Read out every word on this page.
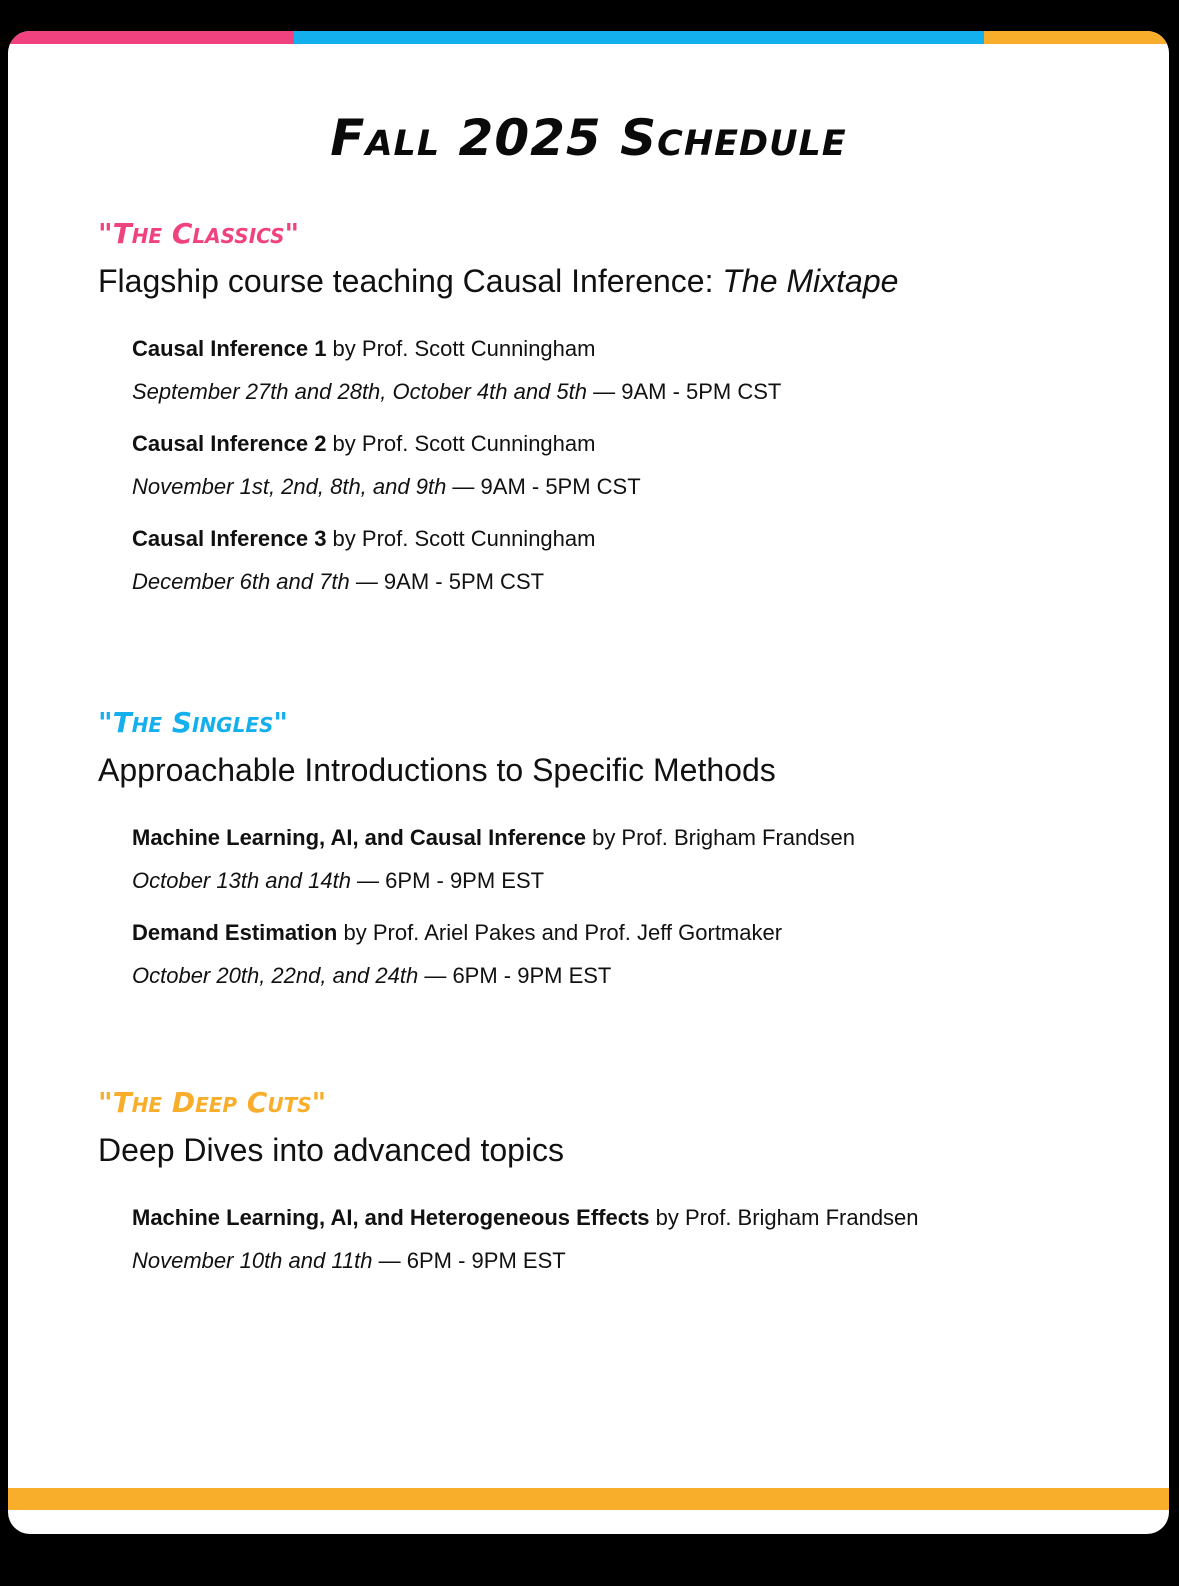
Fall 2025 Schedule
"The Classics"
Flagship course teaching Causal Inference: The Mixtape
Causal Inference 1 by Prof. Scott Cunningham
September 27th and 28th, October 4th and 5th — 9AM - 5PM CST
Causal Inference 2 by Prof. Scott Cunningham
November 1st, 2nd, 8th, and 9th — 9AM - 5PM CST
Causal Inference 3 by Prof. Scott Cunningham
December 6th and 7th — 9AM - 5PM CST
"The Singles"
Approachable Introductions to Specific Methods
Machine Learning, AI, and Causal Inference by Prof. Brigham Frandsen
October 13th and 14th — 6PM - 9PM EST
Demand Estimation by Prof. Ariel Pakes and Prof. Jeff Gortmaker
October 20th, 22nd, and 24th — 6PM - 9PM EST
"The Deep Cuts"
Deep Dives into advanced topics
Machine Learning, AI, and Heterogeneous Effects by Prof. Brigham Frandsen
November 10th and 11th — 6PM - 9PM EST
